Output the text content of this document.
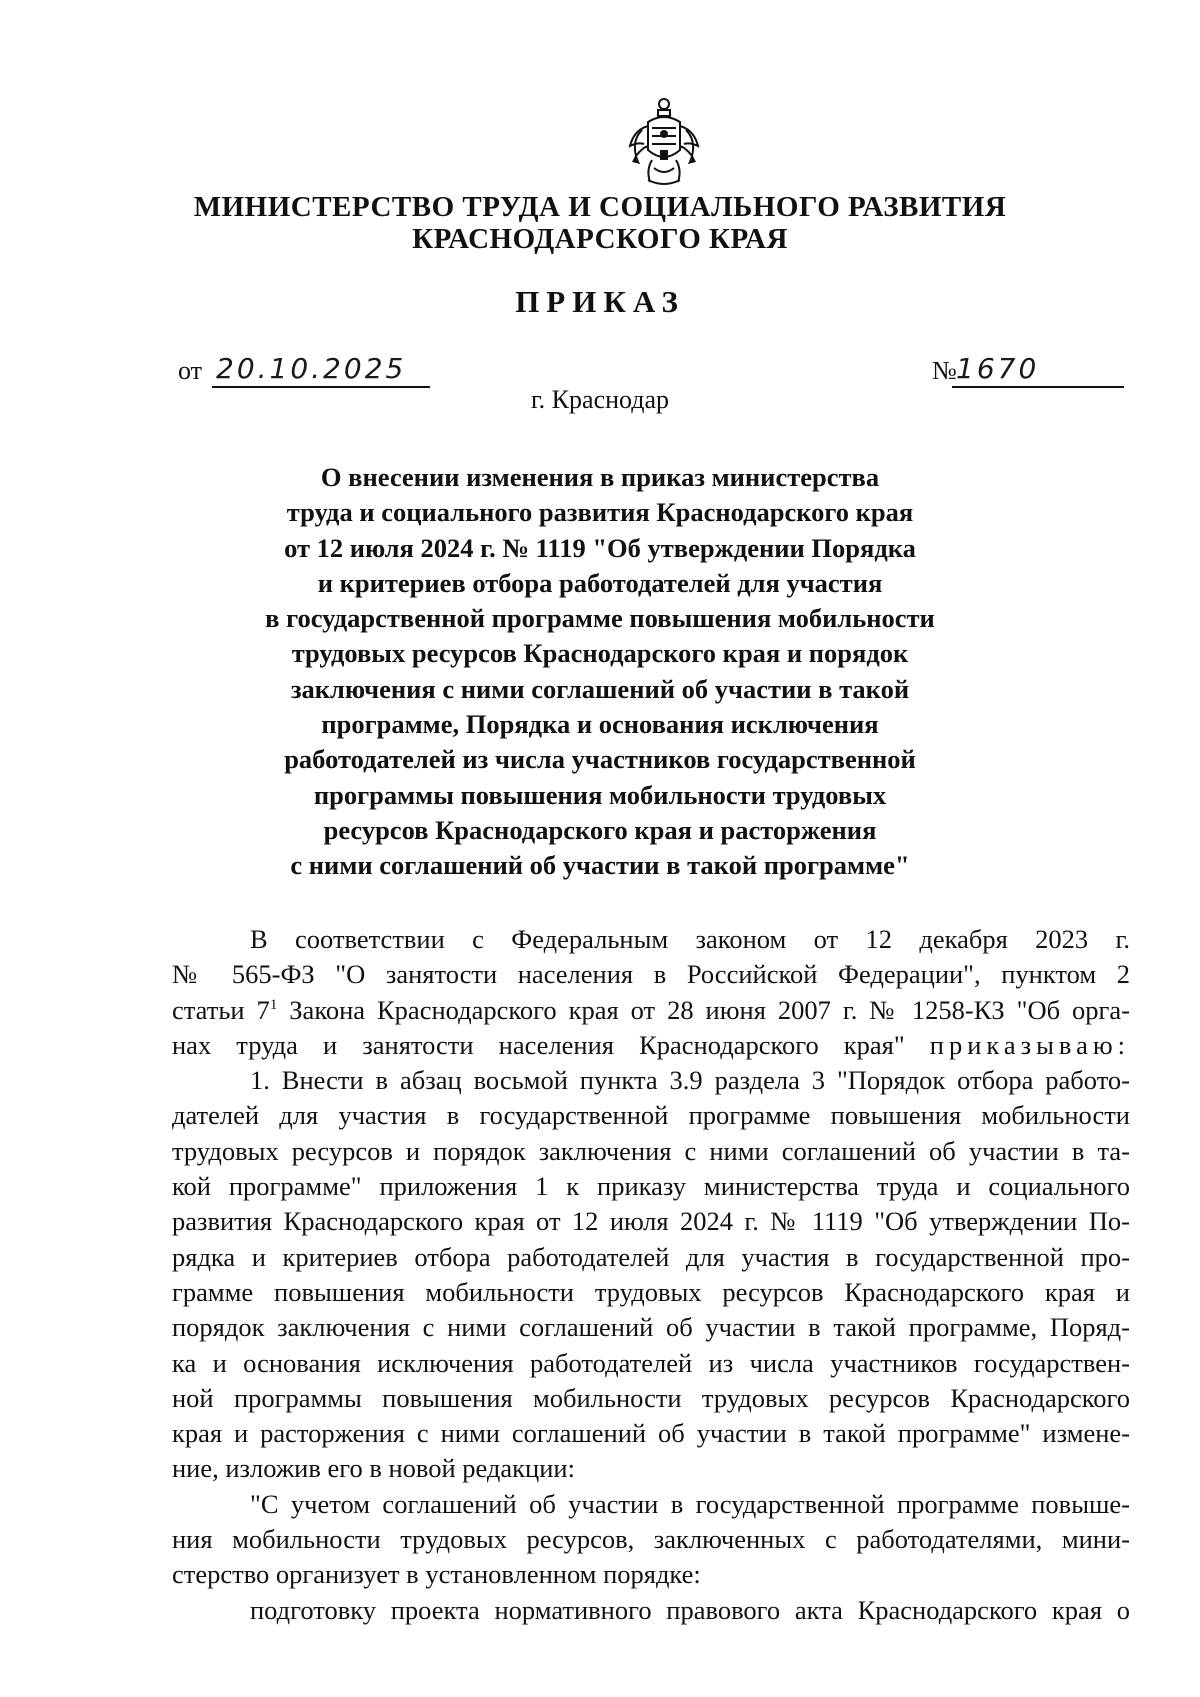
МИНИСТЕРСТВО ТРУДА И СОЦИАЛЬНОГО РАЗВИТИЯ
КРАСНОДАРСКОГО КРАЯ
ПРИКАЗ
от 20.10.2025	№ 1670
г. Краснодар
О внесении изменения в приказ министерства
труда и социального развития Краснодарского края
от 12 июля 2024 г. № 1119 "Об утверждении Порядка
и критериев отбора работодателей для участия
в государственной программе повышения мобильности
трудовых ресурсов Краснодарского края и порядок
заключения с ними соглашений об участии в такой
программе, Порядка и основания исключения
работодателей из числа участников государственной
программы повышения мобильности трудовых
ресурсов Краснодарского края и расторжения
с ними соглашений об участии в такой программе"
В соответствии с Федеральным законом от 12 декабря 2023 г.
№ 565-ФЗ "О занятости населения в Российской Федерации", пунктом 2
статьи $7^1$ Закона Краснодарского края от 28 июня 2007 г. № 1258-КЗ "Об орга-
нах труда и занятости населения Краснодарского края" приказываю:
1. Внести в абзац восьмой пункта 3.9 раздела 3 "Порядок отбора работо-
дателей для участия в государственной программе повышения мобильности
трудовых ресурсов и порядок заключения с ними соглашений об участии в та-
кой программе" приложения 1 к приказу министерства труда и социального
развития Краснодарского края от 12 июля 2024 г. № 1119 "Об утверждении По-
рядка и критериев отбора работодателей для участия в государственной про-
грамме повышения мобильности трудовых ресурсов Краснодарского края и
порядок заключения с ними соглашений об участии в такой программе, Поряд-
ка и основания исключения работодателей из числа участников государствен-
ной программы повышения мобильности трудовых ресурсов Краснодарского
края и расторжения с ними соглашений об участии в такой программе" измене-
ние, изложив его в новой редакции:
"С учетом соглашений об участии в государственной программе повыше-
ния мобильности трудовых ресурсов, заключенных с работодателями, мини-
стерство организует в установленном порядке:
подготовку проекта нормативного правового акта Краснодарского края о
